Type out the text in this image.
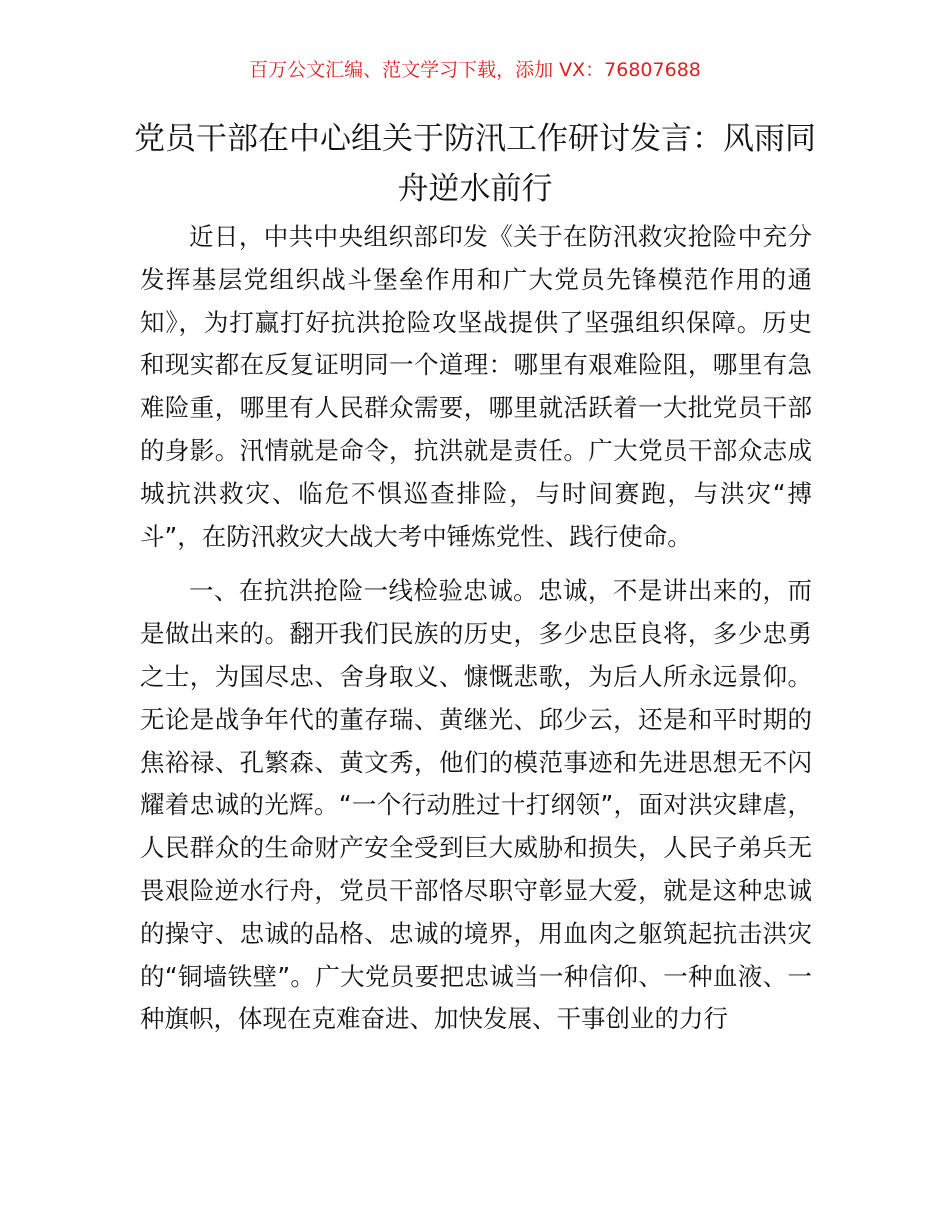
百万公文汇编、范文学习下载，添加 VX：76807688
党员干部在中心组关于防汛工作研讨发言：风雨同舟逆水前行

近日，中共中央组织部印发《关于在防汛救灾抢险中充分发挥基层党组织战斗堡垒作用和广大党员先锋模范作用的通知》，为打赢打好抗洪抢险攻坚战提供了坚强组织保障。历史和现实都在反复证明同一个道理：哪里有艰难险阻，哪里有急难险重，哪里有人民群众需要，哪里就活跃着一大批党员干部的身影。汛情就是命令，抗洪就是责任。广大党员干部众志成城抗洪救灾、临危不惧巡查排险，与时间赛跑，与洪灾“搏斗”，在防汛救灾大战大考中锤炼党性、践行使命。

一、在抗洪抢险一线检验忠诚。忠诚，不是讲出来的，而是做出来的。翻开我们民族的历史，多少忠臣良将，多少忠勇之士，为国尽忠、舍身取义、慷慨悲歌，为后人所永远景仰。无论是战争年代的董存瑞、黄继光、邱少云，还是和平时期的焦裕禄、孔繁森、黄文秀，他们的模范事迹和先进思想无不闪耀着忠诚的光辉。“一个行动胜过十打纲领”，面对洪灾肆虐，人民群众的生命财产安全受到巨大威胁和损失，人民子弟兵无畏艰险逆水行舟，党员干部恪尽职守彰显大爱，就是这种忠诚的操守、忠诚的品格、忠诚的境界，用血肉之躯筑起抗击洪灾的“铜墙铁壁”。广大党员要把忠诚当一种信仰、一种血液、一种旗帜，体现在克难奋进、加快发展、干事创业的力行
